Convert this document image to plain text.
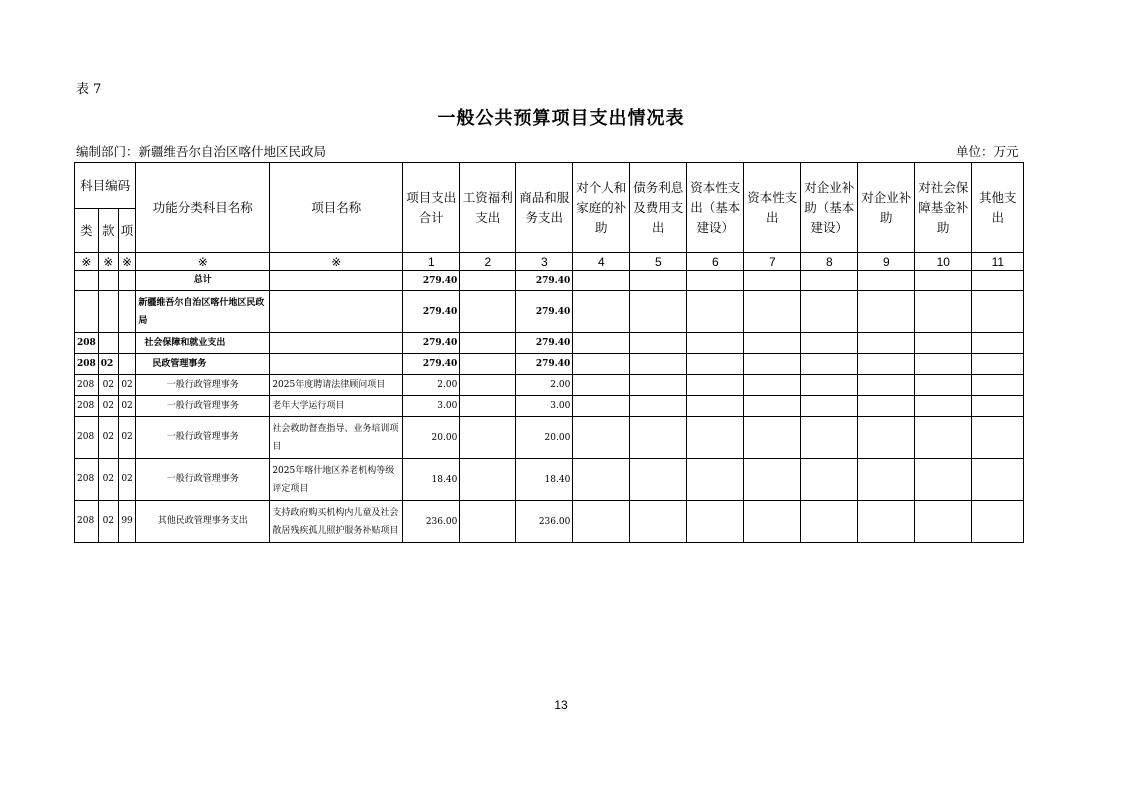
表 7
一般公共预算项目支出情况表
编制部门：新疆维吾尔自治区喀什地区民政局	单位：万元
科目编码			功能分类科目名称	项目名称	项目支出合计	工资福利支出	商品和服务支出	对个人和家庭的补助	债务利息及费用支出	资本性支出（基本建设）	资本性支出	对企业补助（基本建设）	对企业补助	对社会保障基金补助	其他支出
类	款	项													
※	※	※	※	※	1	2	3	4	5	6	7	8	9	10	11
			总计		279.40		279.40								
			新疆维吾尔自治区喀什地区民政局		279.40		279.40								
208			社会保障和就业支出		279.40		279.40								
208	02		民政管理事务		279.40		279.40								
208	02	02	一般行政管理事务	2025年度聘请法律顾问项目	2.00		2.00								
208	02	02	一般行政管理事务	老年大学运行项目	3.00		3.00								
208	02	02	一般行政管理事务	社会救助督查指导、业务培训项目	20.00		20.00								
208	02	02	一般行政管理事务	2025年喀什地区养老机构等级评定项目	18.40		18.40								
208	02	99	其他民政管理事务支出	支持政府购买机构内儿童及社会散居残疾孤儿照护服务补贴项目	236.00		236.00								
13
